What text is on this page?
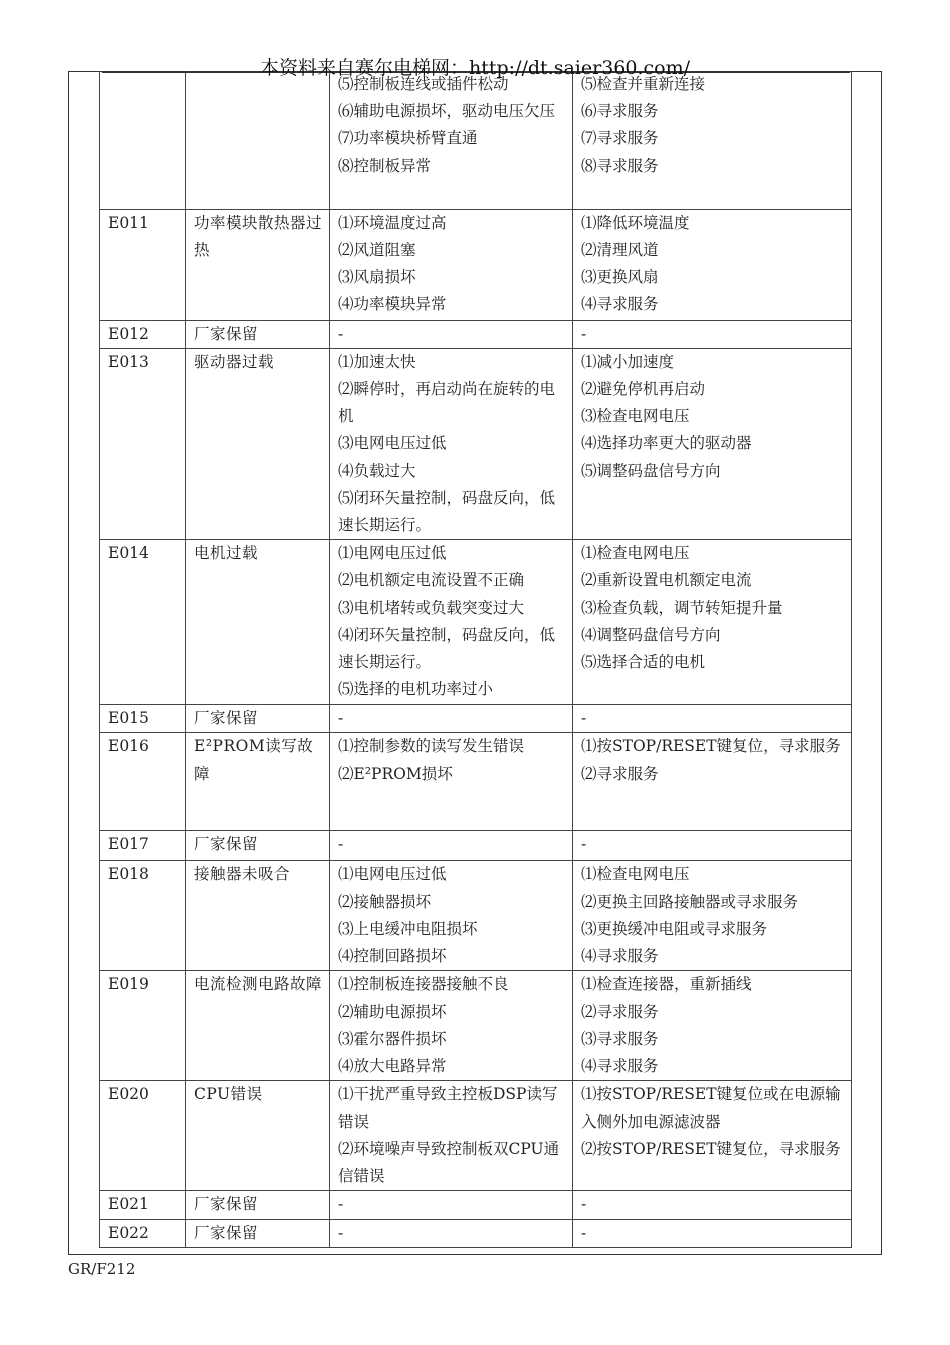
		⑸控制板连线或插件松动
⑹辅助电源损坏，驱动电压欠压
⑺功率模块桥臂直通
⑻控制板异常	⑸检查并重新连接
⑹寻求服务
⑺寻求服务
⑻寻求服务

E011	功率模块散热器过热	⑴环境温度过高
⑵风道阻塞
⑶风扇损坏
⑷功率模块异常	⑴降低环境温度
⑵清理风道
⑶更换风扇
⑷寻求服务

E012	厂家保留	-	-

E013	驱动器过载	⑴加速太快
⑵瞬停时，再启动尚在旋转的电机
⑶电网电压过低
⑷负载过大
⑸闭环矢量控制，码盘反向，低速长期运行。	⑴减小加速度
⑵避免停机再启动
⑶检查电网电压
⑷选择功率更大的驱动器
⑸调整码盘信号方向

E014	电机过载	⑴电网电压过低
⑵电机额定电流设置不正确
⑶电机堵转或负载突变过大
⑷闭环矢量控制，码盘反向，低速长期运行。
⑸选择的电机功率过小	⑴检查电网电压
⑵重新设置电机额定电流
⑶检查负载，调节转矩提升量
⑷调整码盘信号方向
⑸选择合适的电机

E015	厂家保留	-	-

E016	E²PROM读写故障	⑴控制参数的读写发生错误
⑵E²PROM损坏	⑴按STOP/RESET键复位，寻求服务
⑵寻求服务

E017	厂家保留	-	-

E018	接触器未吸合	⑴电网电压过低
⑵接触器损坏
⑶上电缓冲电阻损坏
⑷控制回路损坏	⑴检查电网电压
⑵更换主回路接触器或寻求服务
⑶更换缓冲电阻或寻求服务
⑷寻求服务

E019	电流检测电路故障	⑴控制板连接器接触不良
⑵辅助电源损坏
⑶霍尔器件损坏
⑷放大电路异常	⑴检查连接器，重新插线
⑵寻求服务
⑶寻求服务
⑷寻求服务

E020	CPU错误	⑴干扰严重导致主控板DSP读写错误
⑵环境噪声导致控制板双CPU通信错误	⑴按STOP/RESET键复位或在电源输入侧外加电源滤波器
⑵按STOP/RESET键复位，寻求服务

E021	厂家保留	-	-

E022	厂家保留	-	-
本资料来自赛尔电梯网：http://dt.saier360.com/
GR/F212
